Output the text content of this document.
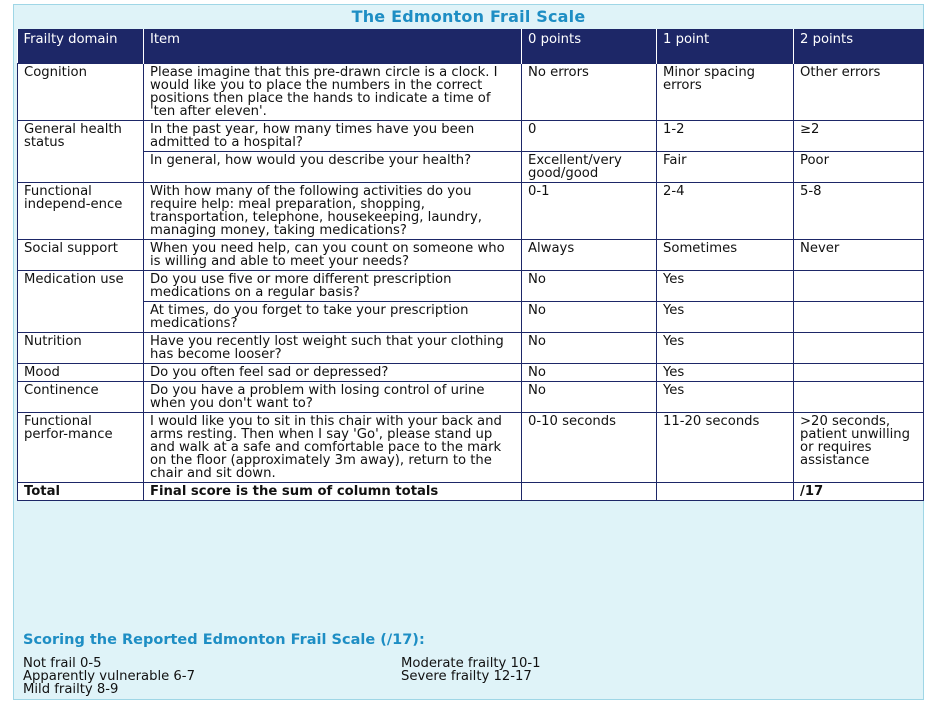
The Edmonton Frail Scale
Frailty domain	Item	0 points	1 point	2 points
Cognition	Please imagine that this pre-drawn circle is a clock. I would like you to place the numbers in the correct positions then place the hands to indicate a time of 'ten after eleven'.	No errors	Minor spacing errors	Other errors
General health status	In the past year, how many times have you been admitted to a hospital?	0	1-2	≥2
	In general, how would you describe your health?	Excellent/very good/good	Fair	Poor
Functional independ-ence	With how many of the following activities do you require help: meal preparation, shopping, transportation, telephone, housekeeping, laundry, managing money, taking medications?	0-1	2-4	5-8
Social support	When you need help, can you count on someone who is willing and able to meet your needs?	Always	Sometimes	Never
Medication use	Do you use five or more different prescription medications on a regular basis?	No	Yes	
	At times, do you forget to take your prescription medications?	No	Yes	
Nutrition	Have you recently lost weight such that your clothing has become looser?	No	Yes	
Mood	Do you often feel sad or depressed?	No	Yes	
Continence	Do you have a problem with losing control of urine when you don't want to?	No	Yes	
Functional perfor-mance	I would like you to sit in this chair with your back and arms resting. Then when I say 'Go', please stand up and walk at a safe and comfortable pace to the mark on the floor (approximately 3m away), return to the chair and sit down.	0-10 seconds	11-20 seconds	>20 seconds, patient unwilling or requires assistance
Total	Final score is the sum of column totals			/17
Scoring the Reported Edmonton Frail Scale (/17):
Not frail 0-5
Apparently vulnerable 6-7
Mild frailty 8-9
Moderate frailty 10-1
Severe frailty 12-17
